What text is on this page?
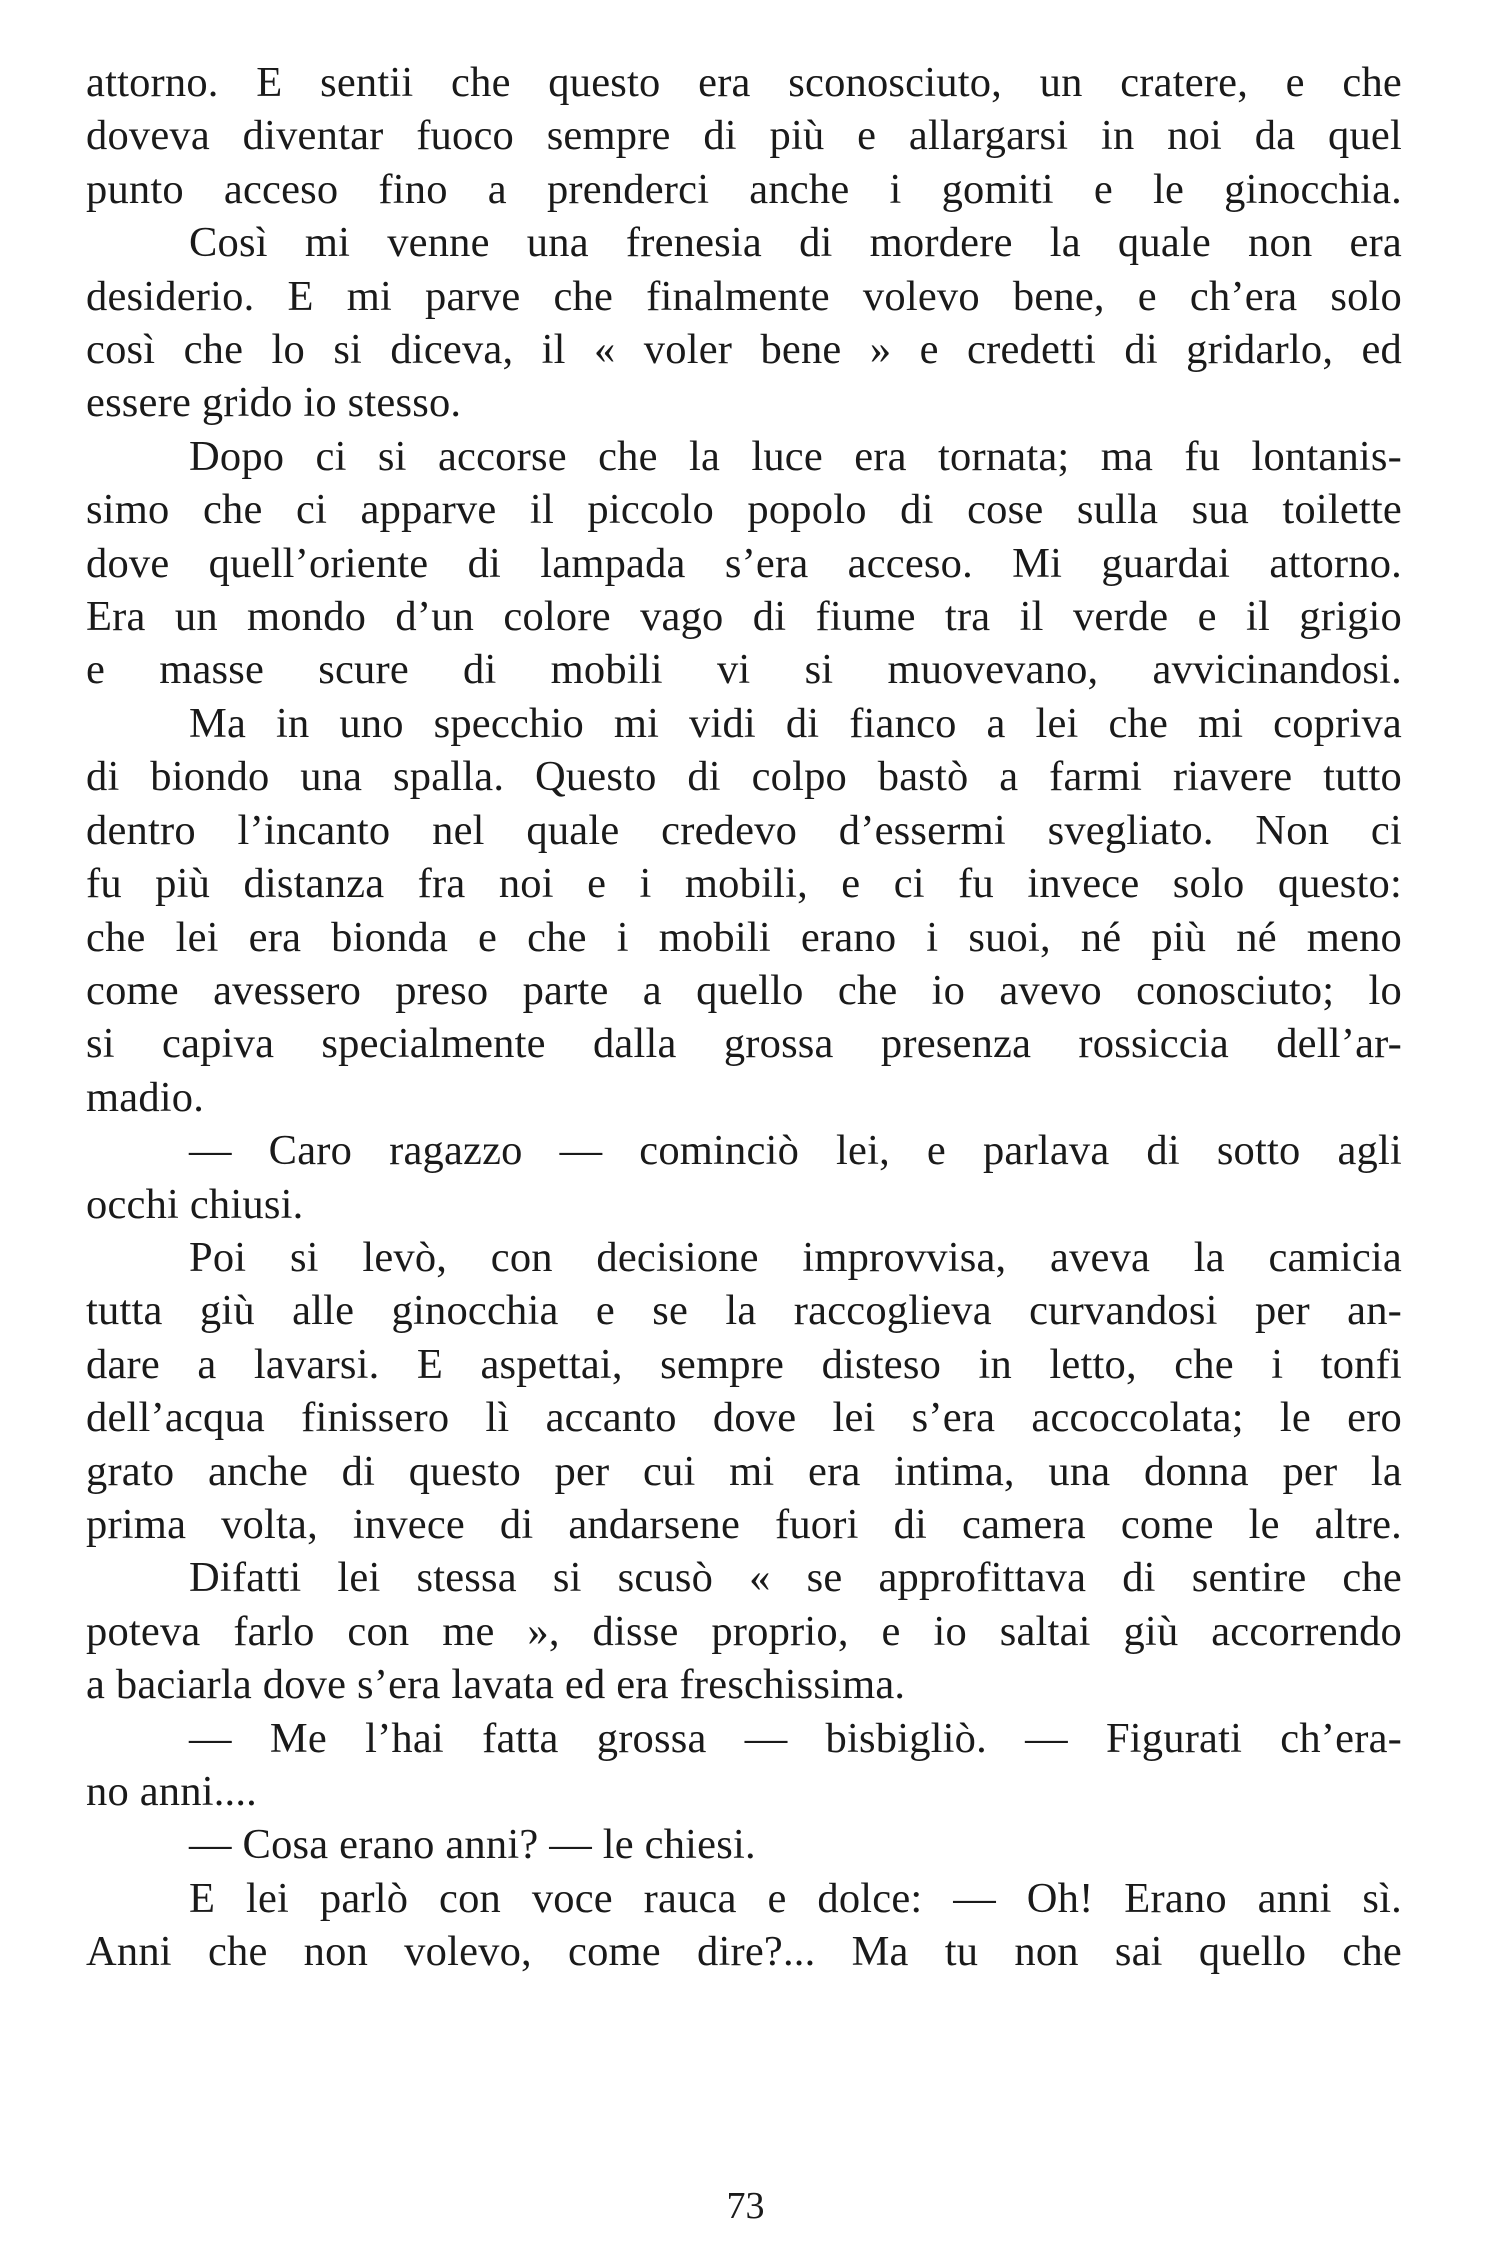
attorno. E sentii che questo era sconosciuto, un cratere, e che
doveva diventar fuoco sempre di più e allargarsi in noi da quel
punto acceso fino a prenderci anche i gomiti e le ginocchia.
Così mi venne una frenesia di mordere la quale non era
desiderio. E mi parve che finalmente volevo bene, e ch’era solo
così che lo si diceva, il « voler bene » e credetti di gridarlo, ed
essere grido io stesso.
Dopo ci si accorse che la luce era tornata; ma fu lontanis-
simo che ci apparve il piccolo popolo di cose sulla sua toilette
dove quell’oriente di lampada s’era acceso. Mi guardai attorno.
Era un mondo d’un colore vago di fiume tra il verde e il grigio
e masse scure di mobili vi si muovevano, avvicinandosi.
Ma in uno specchio mi vidi di fianco a lei che mi copriva
di biondo una spalla. Questo di colpo bastò a farmi riavere tutto
dentro l’incanto nel quale credevo d’essermi svegliato. Non ci
fu più distanza fra noi e i mobili, e ci fu invece solo questo:
che lei era bionda e che i mobili erano i suoi, né più né meno
come avessero preso parte a quello che io avevo conosciuto; lo
si capiva specialmente dalla grossa presenza rossiccia dell’ar-
madio.
— Caro ragazzo — cominciò lei, e parlava di sotto agli
occhi chiusi.
Poi si levò, con decisione improvvisa, aveva la camicia
tutta giù alle ginocchia e se la raccoglieva curvandosi per an-
dare a lavarsi. E aspettai, sempre disteso in letto, che i tonfi
dell’acqua finissero lì accanto dove lei s’era accoccolata; le ero
grato anche di questo per cui mi era intima, una donna per la
prima volta, invece di andarsene fuori di camera come le altre.
Difatti lei stessa si scusò « se approfittava di sentire che
poteva farlo con me », disse proprio, e io saltai giù accorrendo
a baciarla dove s’era lavata ed era freschissima.
— Me l’hai fatta grossa — bisbigliò. — Figurati ch’era-
no anni....
— Cosa erano anni? — le chiesi.
E lei parlò con voce rauca e dolce: — Oh! Erano anni sì.
Anni che non volevo, come dire?... Ma tu non sai quello che
73
